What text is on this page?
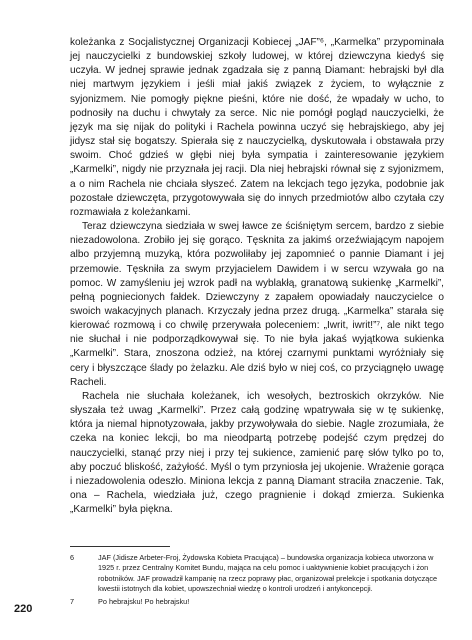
koleżanka z Socjalistycznej Organizacji Kobiecej „JAF”⁶, „Karmelka” przypominała jej nauczycielki z bundowskiej szkoły ludowej, w której dziewczyna kiedyś się uczyła. W jednej sprawie jednak zgadzała się z panną Diamant: hebrajski był dla niej martwym językiem i jeśli miał jakiś związek z życiem, to wyłącznie z syjonizmem. Nie pomogły piękne pieśni, które nie dość, że wpadały w ucho, to podnosiły na duchu i chwytały za serce. Nic nie pomógł pogląd nauczycielki, że język ma się nijak do polityki i Rachela powinna uczyć się hebrajskiego, aby jej jidysz stał się bogatszy. Spierała się z nauczycielką, dyskutowała i obstawała przy swoim. Choć gdzieś w głębi niej była sympatia i zainteresowanie językiem „Karmelki”, nigdy nie przyznała jej racji. Dla niej hebrajski równał się z syjonizmem, a o nim Rachela nie chciała słyszeć. Zatem na lekcjach tego języka, podobnie jak pozostałe dziewczęta, przygotowywała się do innych przedmiotów albo czytała czy rozmawiała z koleżankami.

Teraz dziewczyna siedziała w swej ławce ze ściśniętym sercem, bardzo z siebie niezadowolona. Zrobiło jej się gorąco. Tęsknita za jakimś orzeźwiającym napojem albo przyjemną muzyką, która pozwoliłaby jej zapomnieć o pannie Diamant i jej przemowie. Tęskniła za swym przyjacielem Dawidem i w sercu wzywała go na pomoc. W zamyśleniu jej wzrok padł na wyblakłą, granatową sukienkę „Karmelki”, pełną pogniecionych fałdek. Dziewczyny z zapałem opowiadały nauczycielce o swoich wakacyjnych planach. Krzyczały jedna przez drugą. „Karmelka” starała się kierować rozmową i co chwilę przerywała poleceniem: „Iwrit, iwrit!”⁷, ale nikt tego nie słuchał i nie podporządkowywał się. To nie była jakaś wyjątkowa sukienka „Karmelki”. Stara, znoszona odzież, na której czarnymi punktami wyróżniały się cery i błyszczące ślady po żelazku. Ale dziś było w niej coś, co przyciągnęło uwagę Racheli.

Rachela nie słuchała koleżanek, ich wesołych, beztroskich okrzyków. Nie słyszała też uwag „Karmelki”. Przez całą godzinę wpatrywała się w tę sukienkę, która ja niemal hipnotyzowała, jakby przywoływała do siebie. Nagle zrozumiała, że czeka na koniec lekcji, bo ma nieodpartą potrzebę podejść czym prędzej do nauczycielki, stanąć przy niej i przy tej sukience, zamienić parę słów tylko po to, aby poczuć bliskość, zażyłość. Myśl o tym przyniosła jej ukojenie. Wrażenie gorąca i niezadowolenia odeszło. Miniona lekcja z panną Diamant straciła znaczenie. Tak, ona – Rachela, wiedziała już, czego pragnienie i dokąd zmierza. Sukienka „Karmelki” była piękna.

6	JAF (Jidisze Arbeter-Froj, Żydowska Kobieta Pracująca) – bundowska organizacja kobieca utworzona w 1925 r. przez Centralny Komitet Bundu, mająca na celu pomoc i uaktywnienie kobiet pracujących i żon robotników. JAF prowadził kampanię na rzecz poprawy płac, organizował prelekcje i spotkania dotyczące kwestii istotnych dla kobiet, upowszechniał wiedzę o kontroli urodzeń i antykoncepcji.
7	Po hebrajsku! Po hebrajsku!
220
